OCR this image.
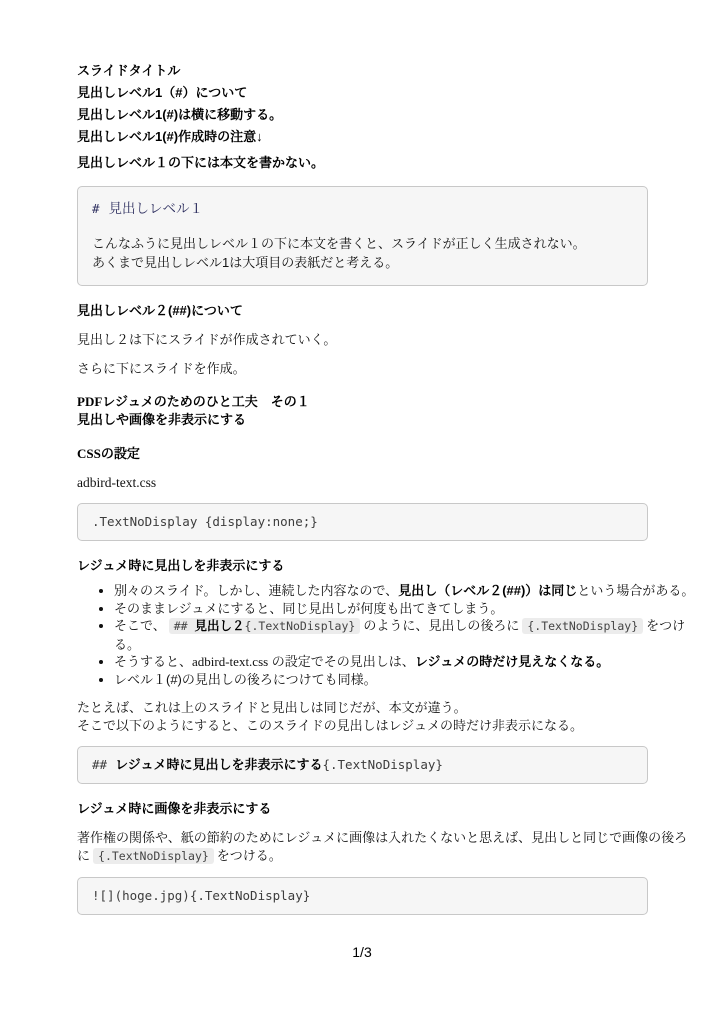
スライドタイトル

見出しレベル1（#）について

見出しレベル1(#)は横に移動する。

見出しレベル1(#)作成時の注意↓

見出しレベル１の下には本文を書かない。

# 見出しレベル１

こんなふうに見出しレベル１の下に本文を書くと、スライドが正しく生成されない。
あくまで見出しレベル1は大項目の表紙だと考える。

見出しレベル２(##)について

見出し２は下にスライドが作成されていく。

さらに下にスライドを作成。

PDFレジュメのためのひと工夫　その１
見出しや画像を非表示にする

CSSの設定

adbird-text.css

.TextNoDisplay {display:none;}

レジュメ時に見出しを非表示にする

• 別々のスライド。しかし、連続した内容なので、見出し（レベル２(##)）は同じという場合がある。
• そのままレジュメにすると、同じ見出しが何度も出てきてしまう。
• そこで、 ## 見出し２{.TextNoDisplay} のように、見出しの後ろに {.TextNoDisplay} をつける。
• そうすると、adbird-text.css の設定でその見出しは、レジュメの時だけ見えなくなる。
• レベル１(#)の見出しの後ろにつけても同様。

たとえば、これは上のスライドと見出しは同じだが、本文が違う。
そこで以下のようにすると、このスライドの見出しはレジュメの時だけ非表示になる。

## レジュメ時に見出しを非表示にする{.TextNoDisplay}

レジュメ時に画像を非表示にする

著作権の関係や、紙の節約のためにレジュメに画像は入れたくないと思えば、見出しと同じで画像の後ろに {.TextNoDisplay} をつける。

![](hoge.jpg){.TextNoDisplay}
1/3
